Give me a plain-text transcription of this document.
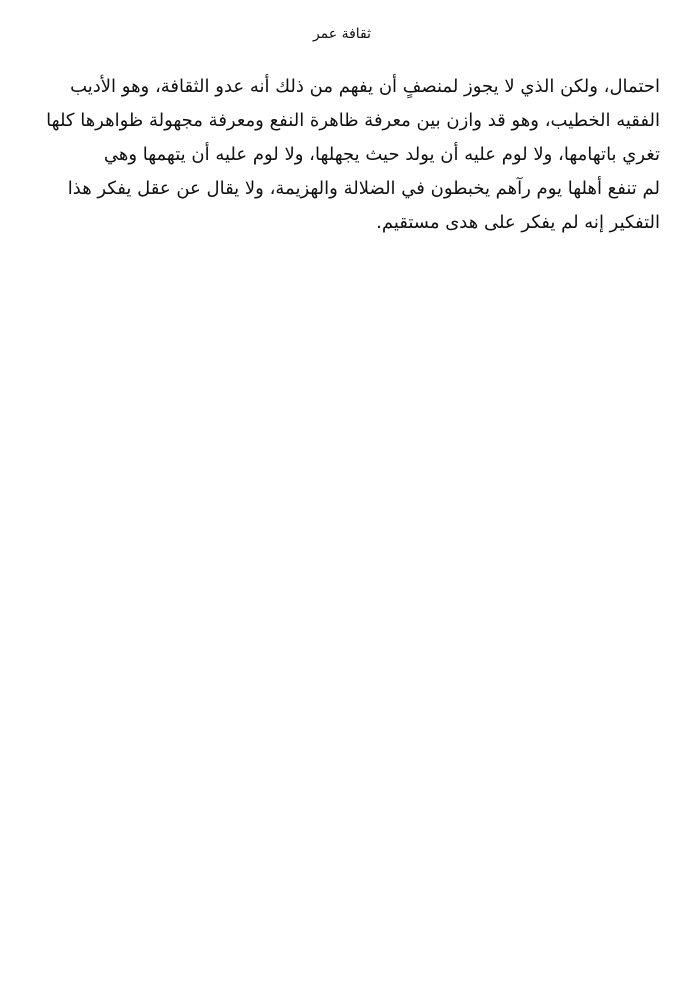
ثقافة عمر

احتمال، ولكن الذي لا يجوز لمنصفٍ أن يفهم من ذلك أنه عدو الثقافة، وهو الأديب
الفقيه الخطيب، وهو قد وازن بين معرفة ظاهرة النفع ومعرفة مجهولة ظواهرها كلها
تغري باتهامها، ولا لوم عليه أن يولد حيث يجهلها، ولا لوم عليه أن يتهمها وهي
لم تنفع أهلها يوم رآهم يخبطون في الضلالة والهزيمة، ولا يقال عن عقل يفكر هذا
التفكير إنه لم يفكر على هدى مستقيم.
